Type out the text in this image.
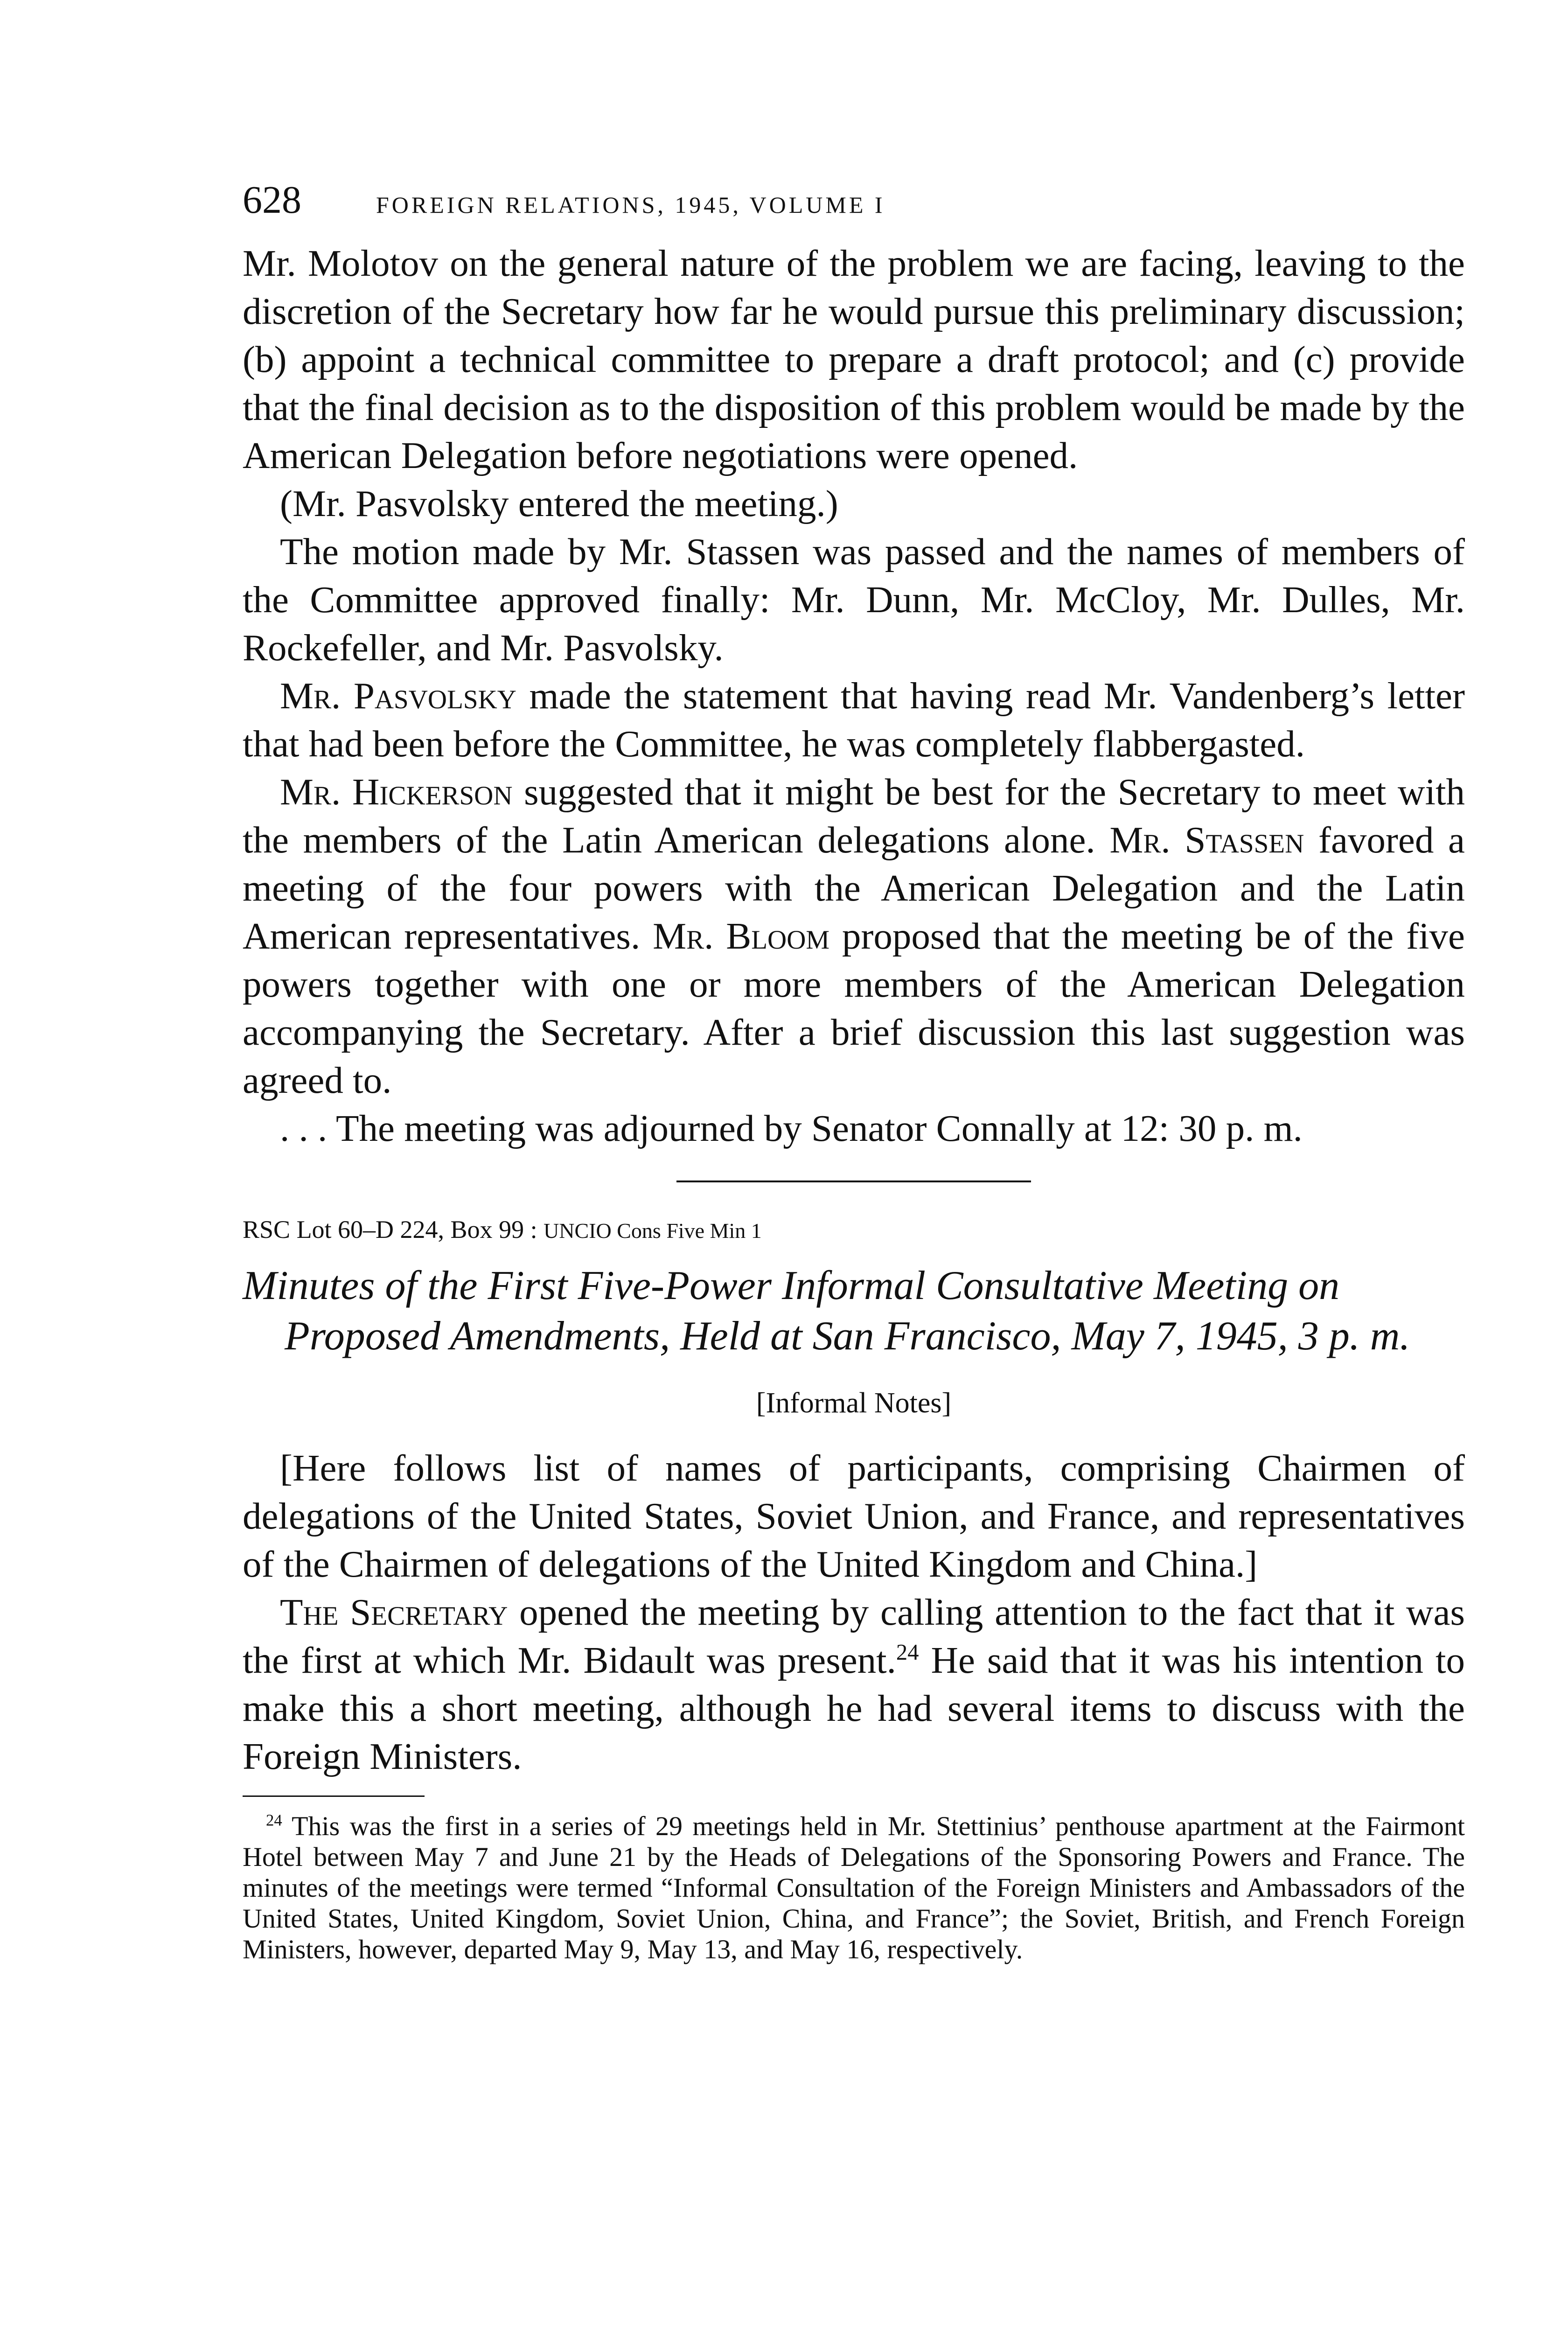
628	FOREIGN RELATIONS, 1945, VOLUME I

Mr. Molotov on the general nature of the problem we are facing, leaving to the discretion of the Secretary how far he would pursue this preliminary discussion; (b) appoint a technical committee to prepare a draft protocol; and (c) provide that the final decision as to the disposition of this problem would be made by the American Delegation before negotiations were opened.

(Mr. Pasvolsky entered the meeting.)

The motion made by Mr. Stassen was passed and the names of members of the Committee approved finally: Mr. Dunn, Mr. McCloy, Mr. Dulles, Mr. Rockefeller, and Mr. Pasvolsky.

Mr. Pasvolsky made the statement that having read Mr. Vandenberg’s letter that had been before the Committee, he was completely flabbergasted.

Mr. Hickerson suggested that it might be best for the Secretary to meet with the members of the Latin American delegations alone. Mr. Stassen favored a meeting of the four powers with the American Delegation and the Latin American representatives. Mr. Bloom proposed that the meeting be of the five powers together with one or more members of the American Delegation accompanying the Secretary. After a brief discussion this last suggestion was agreed to.

. . . The meeting was adjourned by Senator Connally at 12: 30 p. m.

RSC Lot 60–D 224, Box 99 : UNCIO Cons Five Min 1
Minutes of the First Five-Power Informal Consultative Meeting on Proposed Amendments, Held at San Francisco, May 7, 1945, 3 p. m.
[Informal Notes]

[Here follows list of names of participants, comprising Chairmen of delegations of the United States, Soviet Union, and France, and representatives of the Chairmen of delegations of the United Kingdom and China.]

The Secretary opened the meeting by calling attention to the fact that it was the first at which Mr. Bidault was present.$^{24}$ He said that it was his intention to make this a short meeting, although he had several items to discuss with the Foreign Ministers.

$^{24}$ This was the first in a series of 29 meetings held in Mr. Stettinius’ penthouse apartment at the Fairmont Hotel between May 7 and June 21 by the Heads of Delegations of the Sponsoring Powers and France. The minutes of the meetings were termed “Informal Consultation of the Foreign Ministers and Ambassadors of the United States, United Kingdom, Soviet Union, China, and France”; the Soviet, British, and French Foreign Ministers, however, departed May 9, May 13, and May 16, respectively.
